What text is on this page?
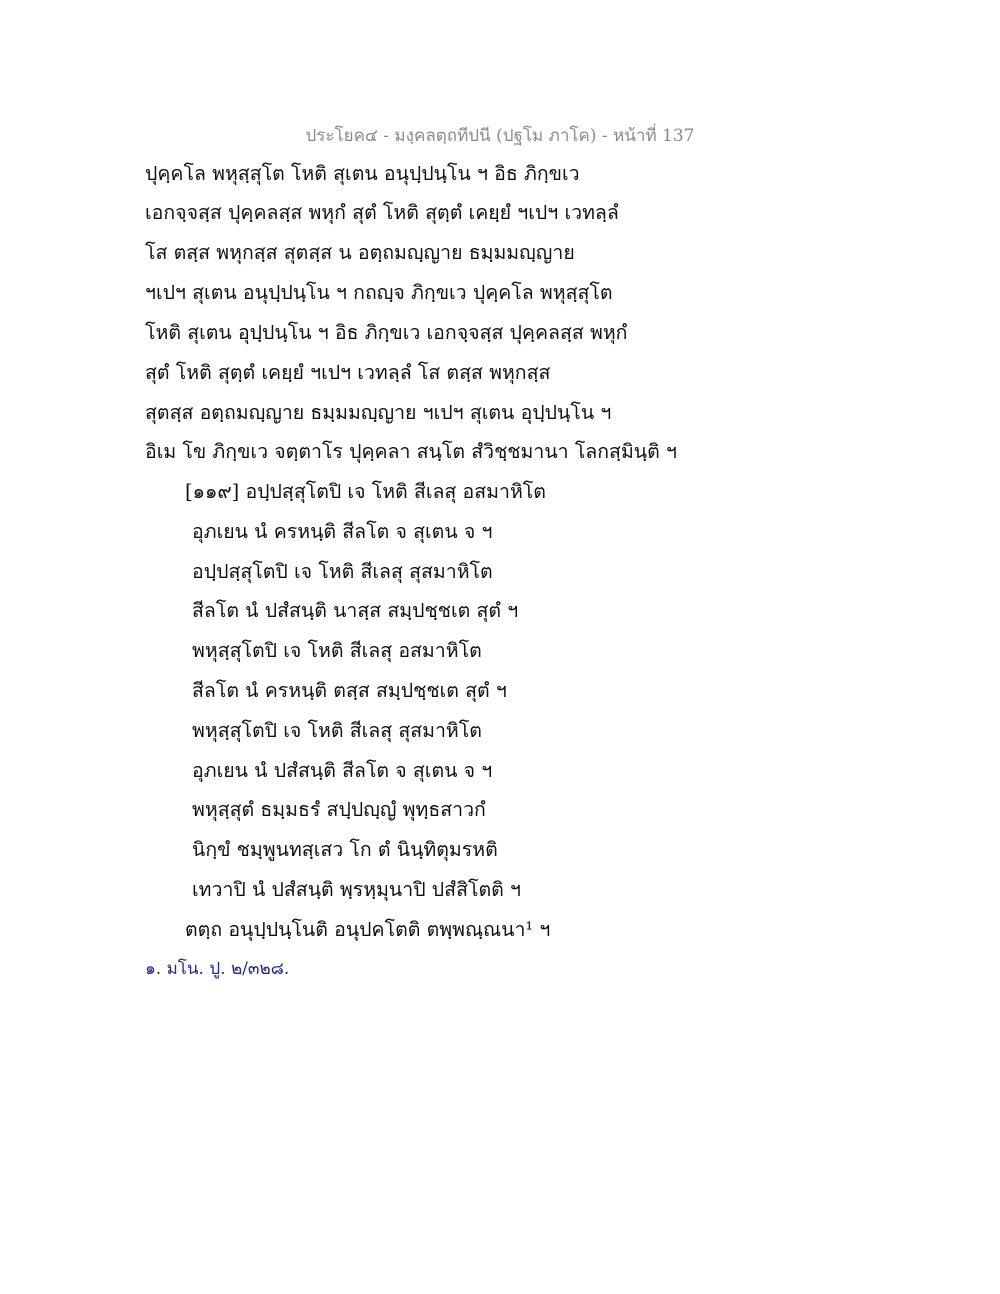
ประโยค๔ - มงฺคลตฺถทีปนี (ปฐโม ภาโค) - หน้าที่ 137
ปุคฺคโล พหุสฺสุโต โหติ สุเตน อนุปฺปนฺโน ฯ อิธ ภิกฺขเว
เอกจฺจสฺส ปุคฺคลสฺส พหุกํ สุตํ โหติ สุตฺตํ เคยฺยํ ฯเปฯ เวทลฺลํ
โส ตสฺส พหุกสฺส สุตสฺส น อตฺถมญฺญาย ธมฺมมญฺญาย
ฯเปฯ สุเตน อนุปฺปนฺโน ฯ กถญฺจ ภิกฺขเว ปุคฺคโล พหุสฺสุโต
โหติ สุเตน อุปฺปนฺโน ฯ อิธ ภิกฺขเว เอกจฺจสฺส ปุคฺคลสฺส พหุกํ
สุตํ โหติ สุตฺตํ เคยฺยํ ฯเปฯ เวทลฺลํ โส ตสฺส พหุกสฺส
สุตสฺส อตฺถมญฺญาย ธมฺมมญฺญาย ฯเปฯ สุเตน อุปฺปนฺโน ฯ
อิเม โข ภิกฺขเว จตฺตาโร ปุคฺคลา สนฺโต สํวิชฺชมานา โลกสฺมินฺติ ฯ
[๑๑๙] อปฺปสฺสุโตปิ เจ โหติ สีเลสุ อสมาหิโต
อุภเยน นํ ครหนฺติ สีลโต จ สุเตน จ ฯ
อปฺปสฺสุโตปิ เจ โหติ สีเลสุ สุสมาหิโต
สีลโต นํ ปสํสนฺติ นาสฺส สมฺปชฺชเต สุตํ ฯ
พหุสฺสุโตปิ เจ โหติ สีเลสุ อสมาหิโต
สีลโต นํ ครหนฺติ ตสฺส สมฺปชฺชเต สุตํ ฯ
พหุสฺสุโตปิ เจ โหติ สีเลสุ สุสมาหิโต
อุภเยน นํ ปสํสนฺติ สีลโต จ สุเตน จ ฯ
พหุสฺสุตํ ธมฺมธรํ สปฺปญฺญํ พุทฺธสาวกํ
นิกฺขํ ชมฺพูนทสฺเสว โก ตํ นินฺทิตุมรหติ
เทวาปิ นํ ปสํสนฺติ พฺรหฺมุนาปิ ปสํสิโตติ ฯ
ตตฺถ อนุปฺปนฺโนติ อนุปคโตติ ตพฺพณฺณนา¹ ฯ
๑. มโน. ปู. ๒/๓๒๘.
